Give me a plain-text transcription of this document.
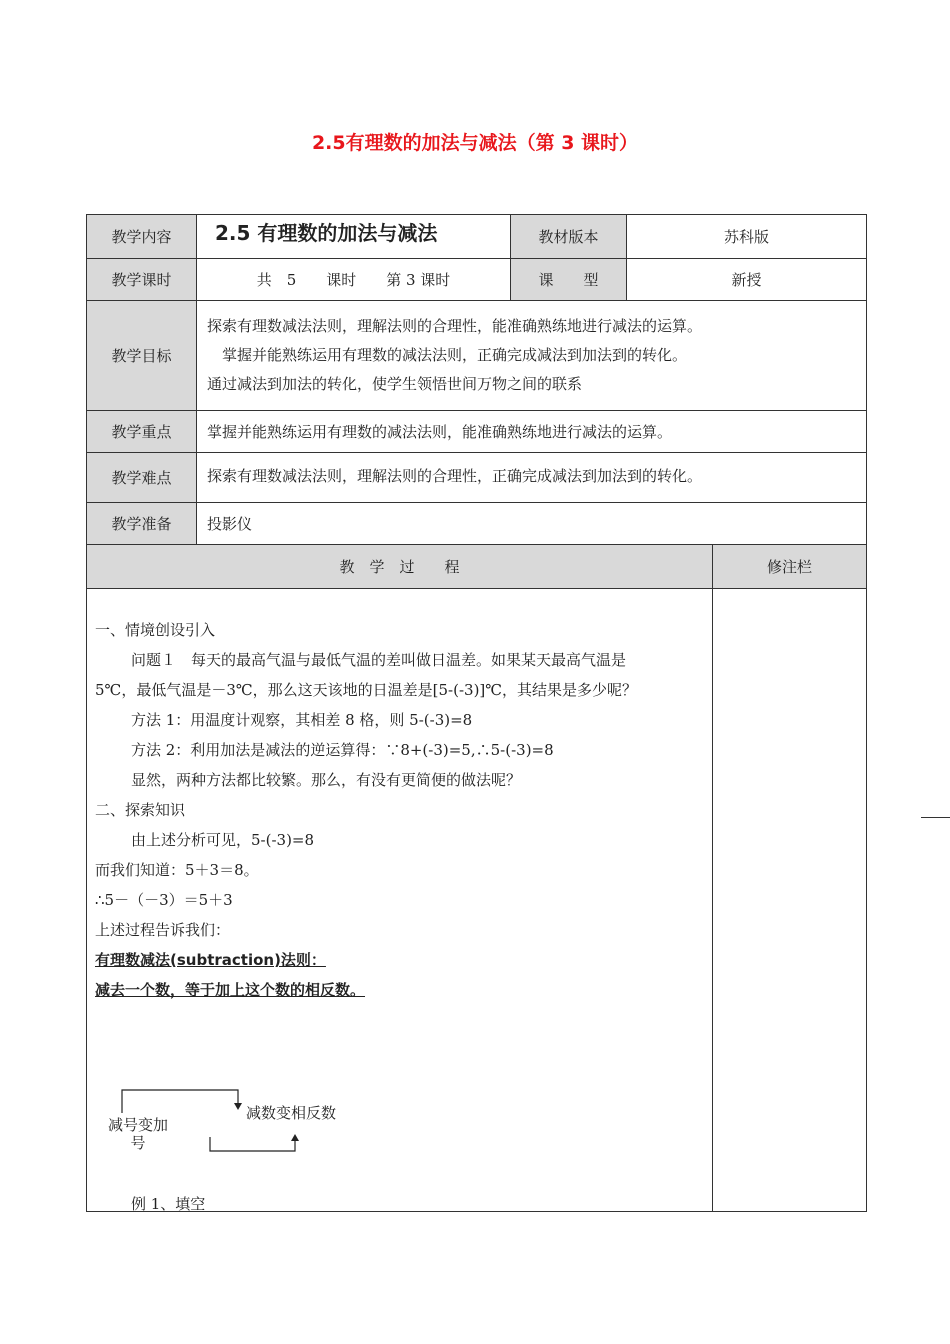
2.5有理数的加法与减法（第 3 课时）
教学内容	2.5 有理数的加法与减法	教材版本	苏科版
教学课时	共　5　　课时　　第 3 课时	课　　型	新授
教学目标
探索有理数减法法则，理解法则的合理性，能准确熟练地进行减法的运算。
　掌握并能熟练运用有理数的减法法则，正确完成减法到加法到的转化。
通过减法到加法的转化，使学生领悟世间万物之间的联系
教学重点	掌握并能熟练运用有理数的减法法则，能准确熟练地进行减法的运算。
教学难点	探索有理数减法法则，理解法则的合理性，正确完成减法到加法到的转化。
教学准备	投影仪
教　学　过　　程	修注栏
一、情境创设引入
问题１　每天的最高气温与最低气温的差叫做日温差。如果某天最高气温是
5℃，最低气温是－3℃，那么这天该地的日温差是[5-(-3)]℃，其结果是多少呢？
方法 1：用温度计观察，其相差 8 格，则 5-(-3)=8
方法 2：利用加法是减法的逆运算得：∵8+(-3)=5,∴5-(-3)=8
显然，两种方法都比较繁。那么，有没有更简便的做法呢？
二、探索知识
由上述分析可见，5-(-3)=8
而我们知道：5＋3＝8。
∴5－（－3）＝5＋3
上述过程告诉我们：
有理数减法(subtraction)法则：
减去一个数，等于加上这个数的相反数。
减号变加号
减数变相反数
例 1、填空
